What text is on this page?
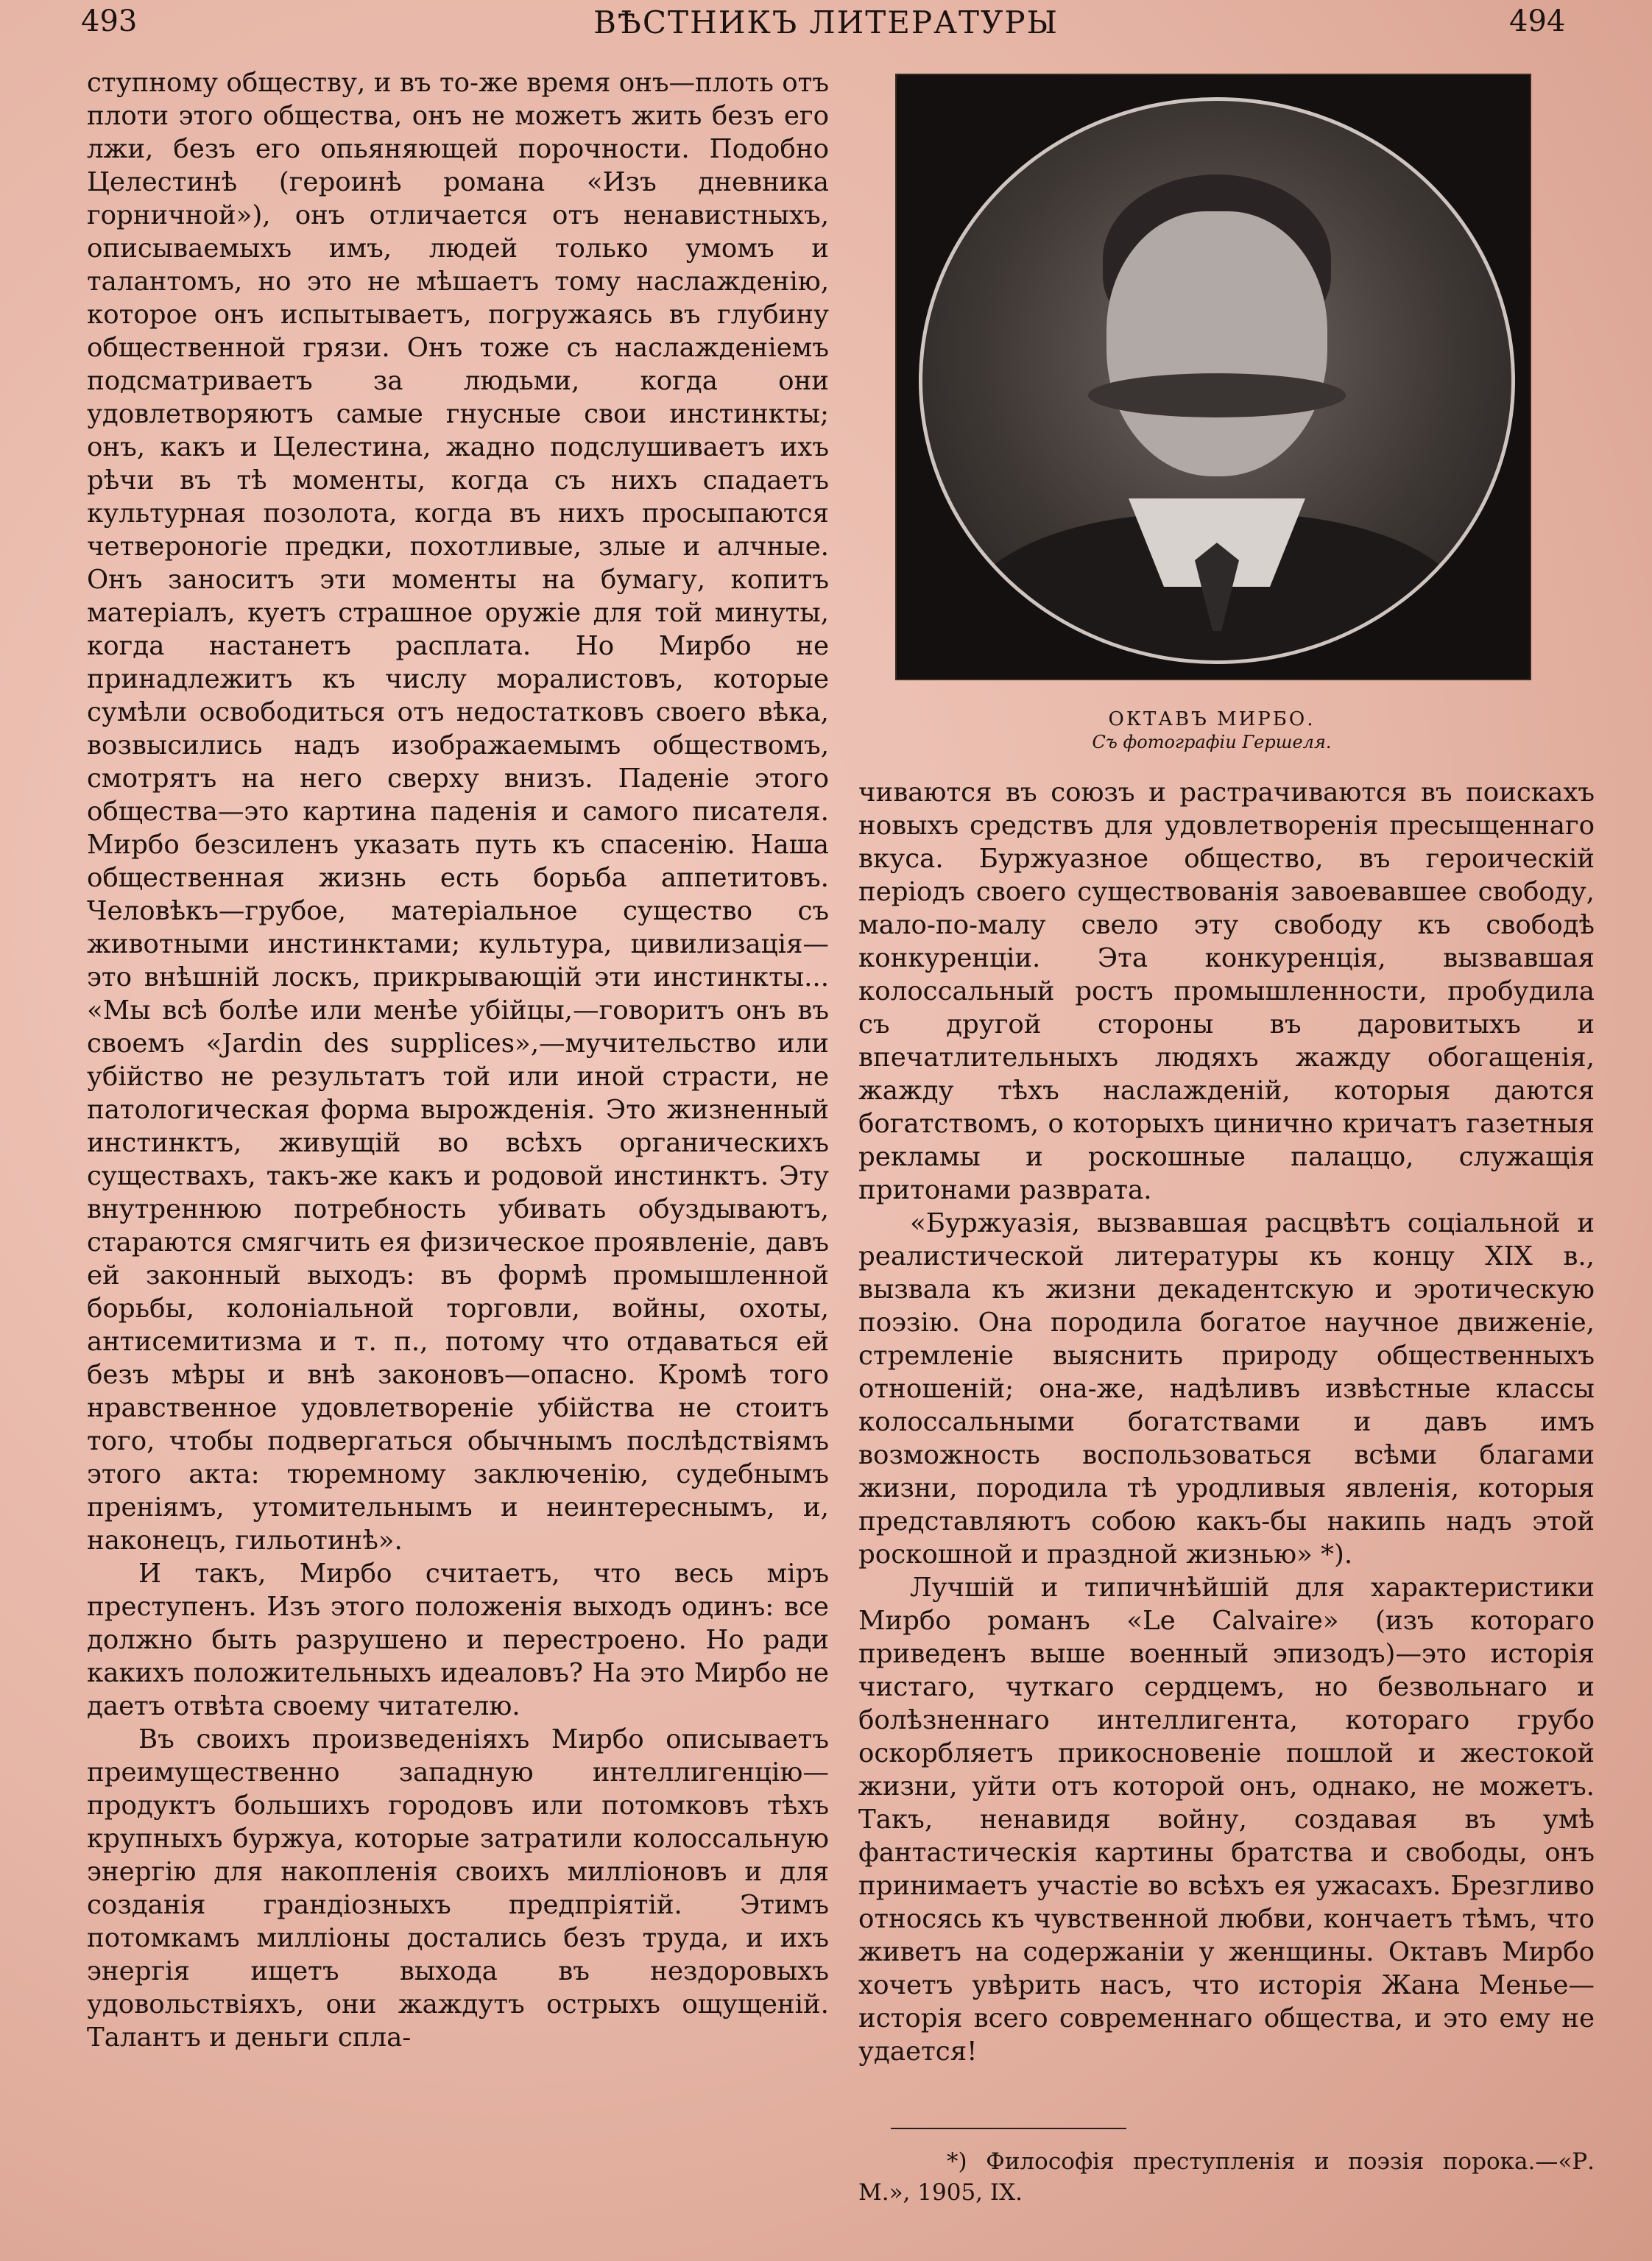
493	ВѢСТНИКЪ ЛИТЕРАТУРЫ	494

ступному обществу, и въ то-же время онъ—плоть отъ плоти этого общества, онъ не можетъ жить безъ его лжи, безъ его опьяняющей порочности. Подобно Целестинѣ (героинѣ романа «Изъ дневника горничной»), онъ отличается отъ ненавистныхъ, описываемыхъ имъ, людей только умомъ и талантомъ, но это не мѣшаетъ тому наслажденію, которое онъ испытываетъ, погружаясь въ глубину общественной грязи. Онъ тоже съ наслажденіемъ подсматриваетъ за людьми, когда они удовлетворяютъ самые гнусные свои инстинкты; онъ, какъ и Целестина, жадно подслушиваетъ ихъ рѣчи въ тѣ моменты, когда съ нихъ спадаетъ культурная позолота, когда въ нихъ просыпаются четвероногіе предки, похотливые, злые и алчные. Онъ заноситъ эти моменты на бумагу, копитъ матеріалъ, куетъ страшное оружіе для той минуты, когда настанетъ расплата. Но Мирбо не принадлежитъ къ числу моралистовъ, которые сумѣли освободиться отъ недостатковъ своего вѣка, возвысились надъ изображаемымъ обществомъ, смотрятъ на него сверху внизъ. Паденіе этого общества—это картина паденія и самого писателя. Мирбо безсиленъ указать путь къ спасенію. Наша общественная жизнь есть борьба аппетитовъ. Человѣкъ—грубое, матеріальное существо съ животными инстинктами; культура, цивилизація—это внѣшній лоскъ, прикрывающій эти инстинкты... «Мы всѣ болѣе или менѣе убійцы,—говоритъ онъ въ своемъ «Jardin des supplices»,—мучительство или убійство не результатъ той или иной страсти, не патологическая форма вырожденія. Это жизненный инстинктъ, живущій во всѣхъ органическихъ существахъ, такъ-же какъ и родовой инстинктъ. Эту внутреннюю потребность убивать обуздываютъ, стараются смягчить ея физическое проявленіе, давъ ей законный выходъ: въ формѣ промышленной борьбы, колоніальной торговли, войны, охоты, антисемитизма и т. п., потому что отдаваться ей безъ мѣры и внѣ законовъ—опасно. Кромѣ того нравственное удовлетвореніе убійства не стоитъ того, чтобы подвергаться обычнымъ послѣдствіямъ этого акта: тюремному заключенію, судебнымъ преніямъ, утомительнымъ и неинтереснымъ, и, наконецъ, гильотинѣ».

И такъ, Мирбо считаетъ, что весь міръ преступенъ. Изъ этого положенія выходъ одинъ: все должно быть разрушено и перестроено. Но ради какихъ положительныхъ идеаловъ? На это Мирбо не даетъ отвѣта своему читателю.

Въ своихъ произведеніяхъ Мирбо описываетъ преимущественно западную интеллигенцію—продуктъ большихъ городовъ или потомковъ тѣхъ крупныхъ буржуа, которые затратили колоссальную энергію для накопленія своихъ милліоновъ и для созданія грандіозныхъ предпріятій. Этимъ потомкамъ милліоны достались безъ труда, и ихъ энергія ищетъ выхода въ нездоровыхъ удовольствіяхъ, они жаждутъ острыхъ ощущеній. Талантъ и деньги спла-

ОКТАВЪ МИРБО.
Съ фотографіи Гершеля.

чиваются въ союзъ и растрачиваются въ поискахъ новыхъ средствъ для удовлетворенія пресыщеннаго вкуса. Буржуазное общество, въ героическій періодъ своего существованія завоевавшее свободу, мало-по-малу свело эту свободу къ свободѣ конкуренціи. Эта конкуренція, вызвавшая колоссальный ростъ промышленности, пробудила съ другой стороны въ даровитыхъ и впечатлительныхъ людяхъ жажду обогащенія, жажду тѣхъ наслажденій, которыя даются богатствомъ, о которыхъ цинично кричатъ газетныя рекламы и роскошные палаццо, служащія притонами разврата.

«Буржуазія, вызвавшая расцвѣтъ соціальной и реалистической литературы къ концу XIX в., вызвала къ жизни декадентскую и эротическую поэзію. Она породила богатое научное движеніе, стремленіе выяснить природу общественныхъ отношеній; она-же, надѣливъ извѣстные классы колоссальными богатствами и давъ имъ возможность воспользоваться всѣми благами жизни, породила тѣ уродливыя явленія, которыя представляютъ собою какъ-бы накипь надъ этой роскошной и праздной жизнью» *).

Лучшій и типичнѣйшій для характеристики Мирбо романъ «Le Calvaire» (изъ котораго приведенъ выше военный эпизодъ)—это исторія чистаго, чуткаго сердцемъ, но безвольнаго и болѣзненнаго интеллигента, котораго грубо оскорбляетъ прикосновеніе пошлой и жестокой жизни, уйти отъ которой онъ, однако, не можетъ. Такъ, ненавидя войну, создавая въ умѣ фантастическія картины братства и свободы, онъ принимаетъ участіе во всѣхъ ея ужасахъ. Брезгливо относясь къ чувственной любви, кончаетъ тѣмъ, что живетъ на содержаніи у женщины. Октавъ Мирбо хочетъ увѣрить насъ, что исторія Жана Менье—исторія всего современнаго общества, и это ему не удается!

*) Философія преступленія и поэзія порока.—«Р. М.», 1905, IX.
